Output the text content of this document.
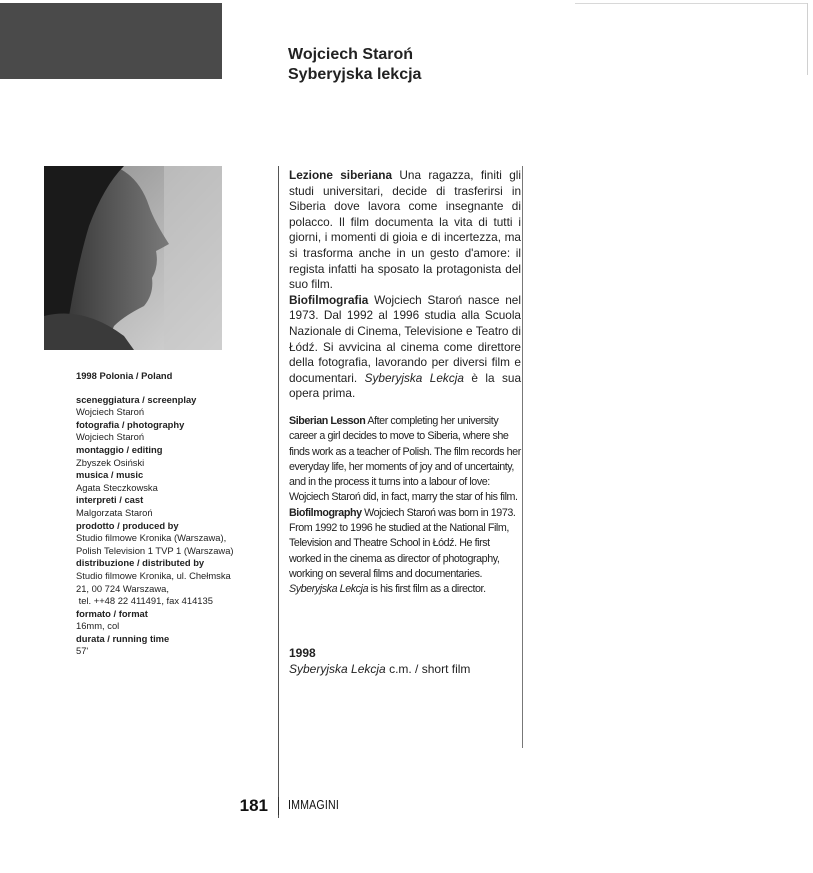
Wojciech Staroń
Syberyjska lekcja
1998 Polonia / Poland
sceneggiatura / screenplay
Wojciech Staroń
fotografia / photography
Wojciech Staroń
montaggio / editing
Zbyszek Osiński
musica / music
Agata Steczkowska
interpreti / cast
Malgorzata Staroń
prodotto / produced by
Studio filmowe Kronika (Warszawa),
Polish Television 1 TVP 1 (Warszawa)
distribuzione / distributed by
Studio filmowe Kronika, ul. Chełmska
21, 00 724 Warszawa,
tel. ++48 22 411491, fax 414135
formato / format
16mm, col
durata / running time
57'

Lezione siberiana Una ragazza, finiti gli studi universitari, decide di trasferirsi in Siberia dove lavora come insegnante di polacco. Il film documenta la vita di tutti i giorni, i momenti di gioia e di incertezza, ma si trasforma anche in un gesto d'amore: il regista infatti ha sposato la protagonista del suo film.

Biofilmografia Wojciech Staroń nasce nel 1973. Dal 1992 al 1996 studia alla Scuola Nazionale di Cinema, Televisione e Teatro di Łódź. Si avvicina al cinema come direttore della fotografia, lavorando per diversi film e documentari. Syberyjska Lekcja è la sua opera prima.

Siberian Lesson After completing her university career a girl decides to move to Siberia, where she finds work as a teacher of Polish. The film records her everyday life, her moments of joy and of uncertainty, and in the process it turns into a labour of love: Wojciech Staroń did, in fact, marry the star of his film.

Biofilmography Wojciech Staroń was born in 1973. From 1992 to 1996 he studied at the National Film, Television and Theatre School in Łódź. He first worked in the cinema as director of photography, working on several films and documentaries. Syberyjska Lekcja is his first film as a director.

1998
Syberyjska Lekcja c.m. / short film
181 IMMAGINI
